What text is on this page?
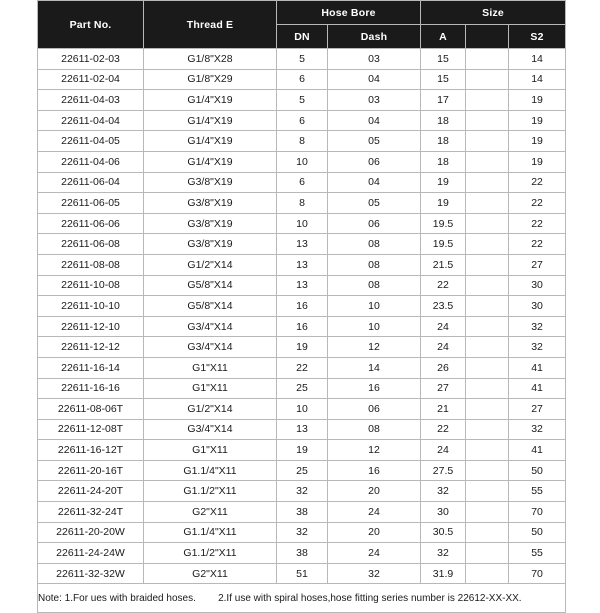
Part No.	Thread E	Hose Bore		Size		
		DN	Dash	A		S2
22611-02-03	G1/8"X28	5	03	15		14
22611-02-04	G1/8"X29	6	04	15		14
22611-04-03	G1/4"X19	5	03	17		19
22611-04-04	G1/4"X19	6	04	18		19
22611-04-05	G1/4"X19	8	05	18		19
22611-04-06	G1/4"X19	10	06	18		19
22611-06-04	G3/8"X19	6	04	19		22
22611-06-05	G3/8"X19	8	05	19		22
22611-06-06	G3/8"X19	10	06	19.5		22
22611-06-08	G3/8"X19	13	08	19.5		22
22611-08-08	G1/2"X14	13	08	21.5		27
22611-10-08	G5/8"X14	13	08	22		30
22611-10-10	G5/8"X14	16	10	23.5		30
22611-12-10	G3/4"X14	16	10	24		32
22611-12-12	G3/4"X14	19	12	24		32
22611-16-14	G1"X11	22	14	26		41
22611-16-16	G1"X11	25	16	27		41
22611-08-06T	G1/2"X14	10	06	21		27
22611-12-08T	G3/4"X14	13	08	22		32
22611-16-12T	G1"X11	19	12	24		41
22611-20-16T	G1.1/4"X11	25	16	27.5		50
22611-24-20T	G1.1/2"X11	32	20	32		55
22611-32-24T	G2"X11	38	24	30		70
22611-20-20W	G1.1/4"X11	32	20	30.5		50
22611-24-24W	G1.1/2"X11	38	24	32		55
22611-32-32W	G2"X11	51	32	31.9		70

Note: 1.For ues with braided hoses.        2.If use with spiral hoses,hose fitting series number is 22612-XX-XX.						
